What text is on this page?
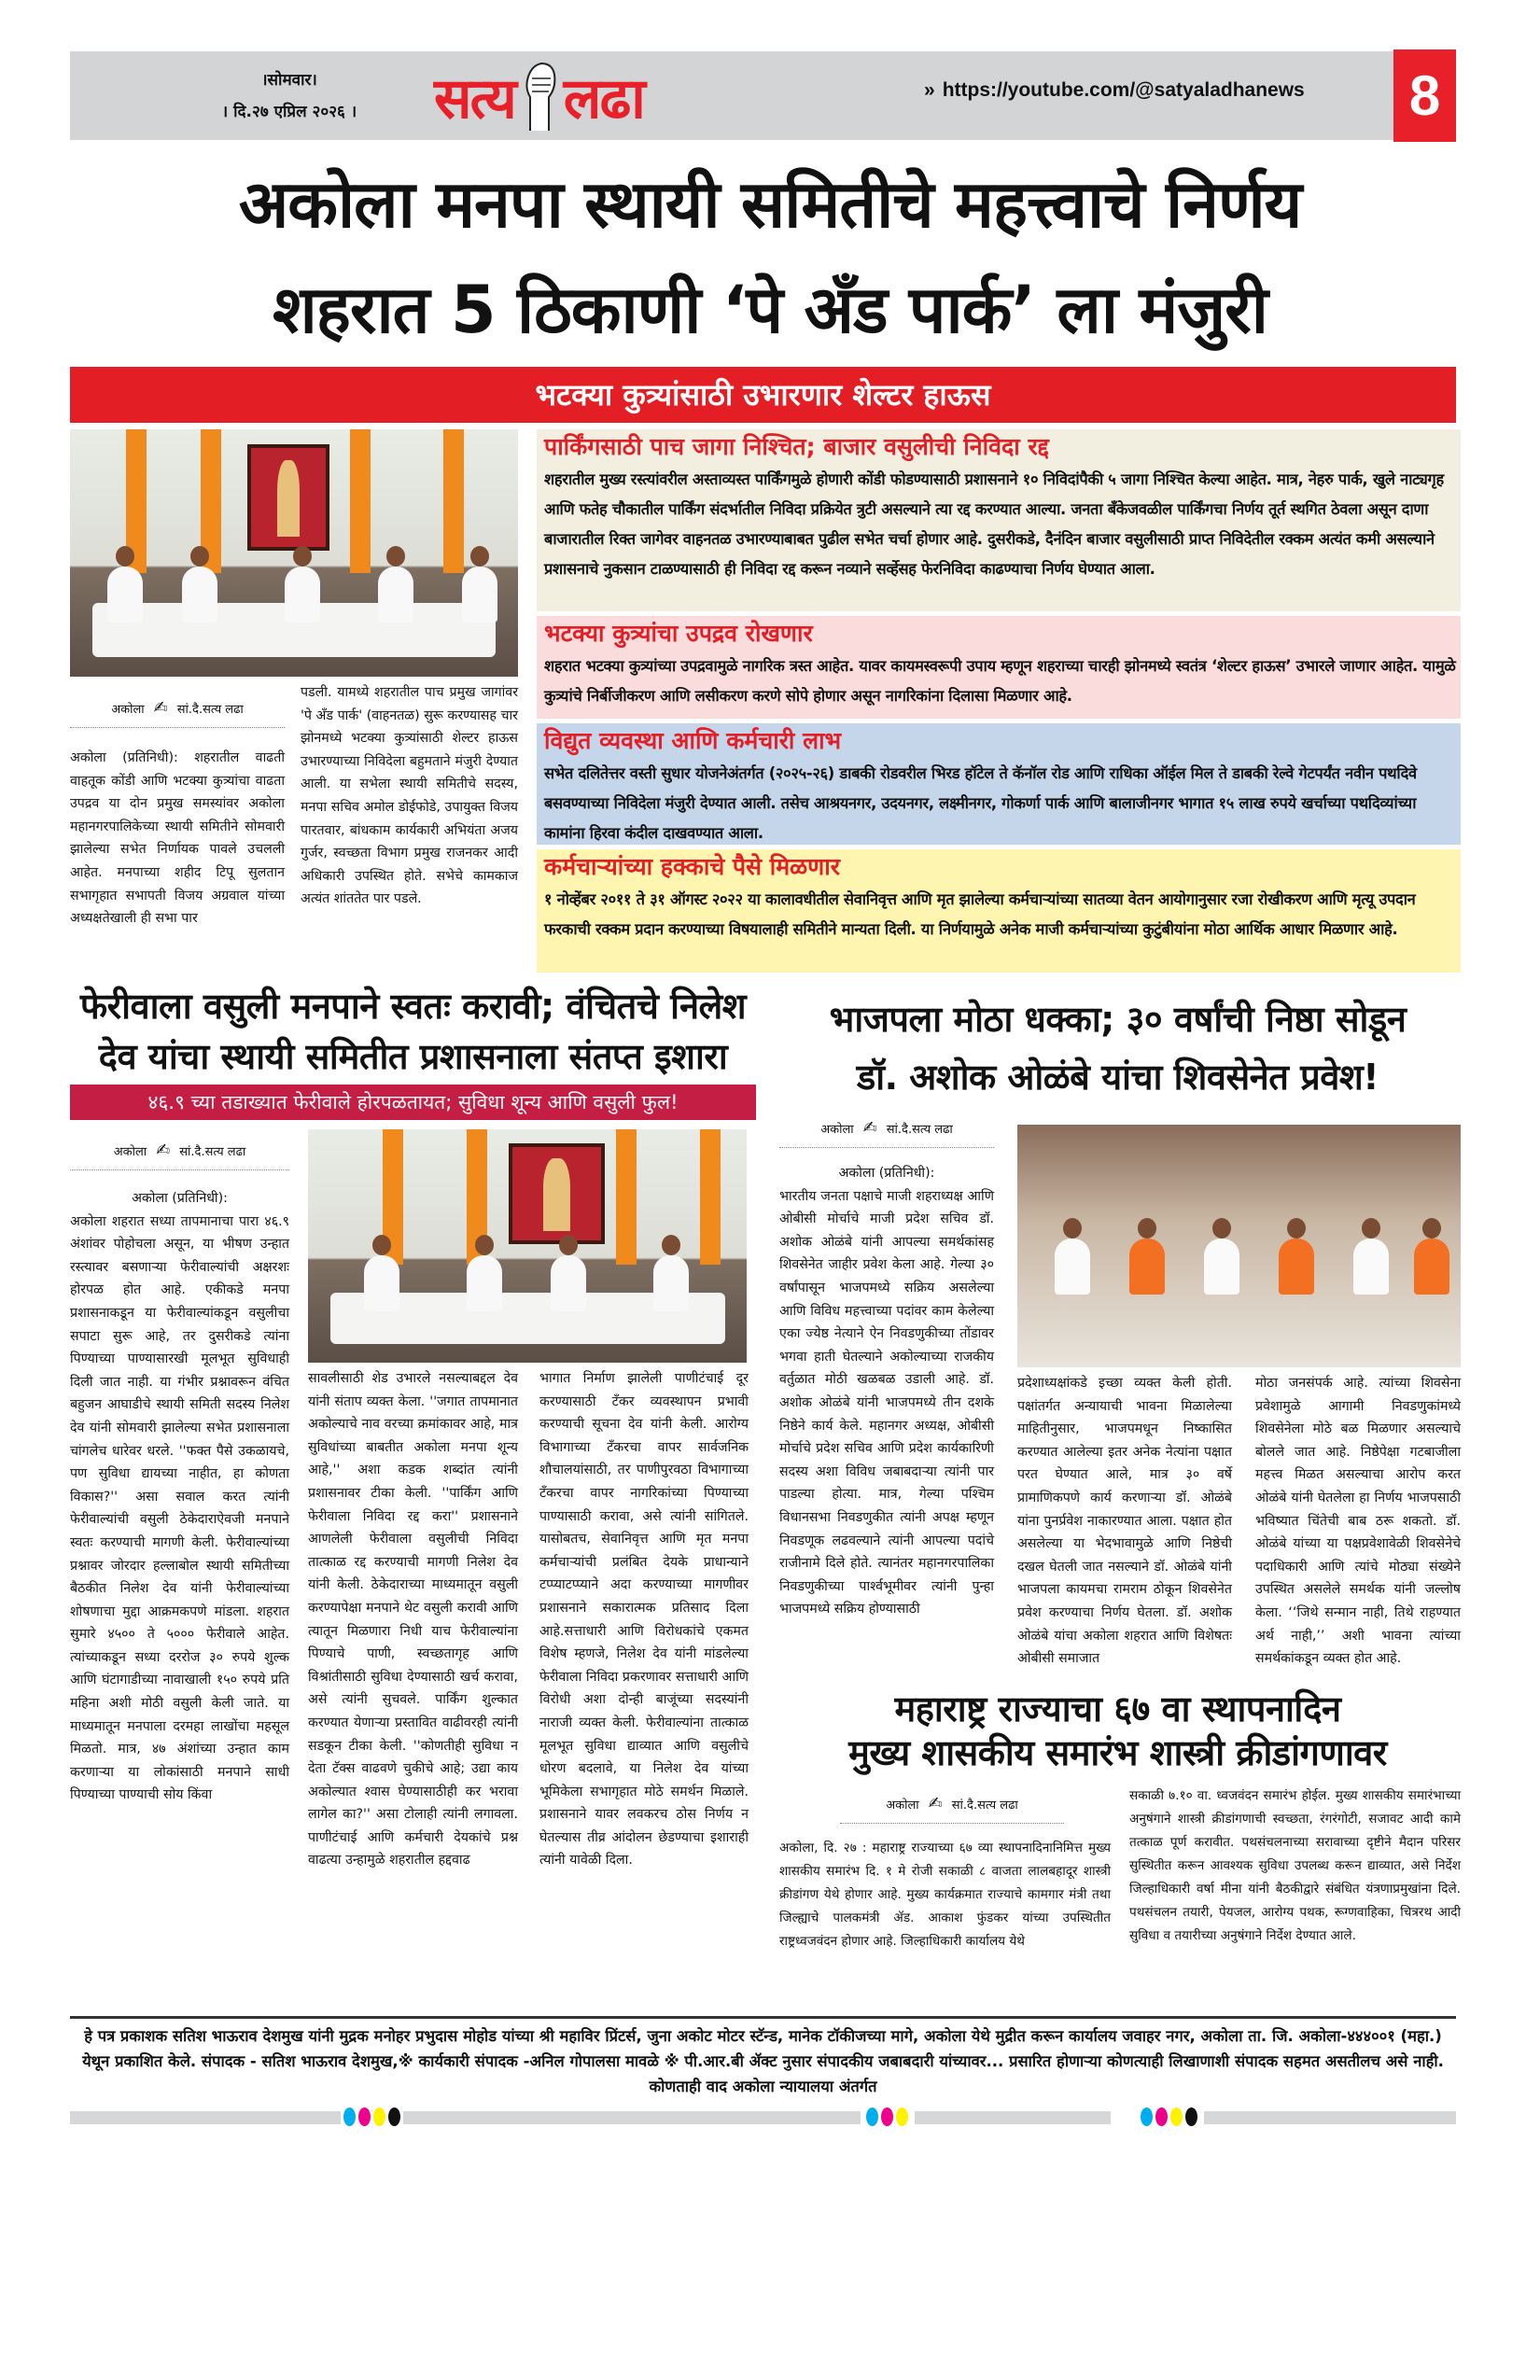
।सोमवार।
। दि.२७ एप्रिल २०२६ ।	सत्य लढा	» https://youtube.com/@satyaladhanews 8
अकोला मनपा स्थायी समितीचे महत्त्वाचे निर्णय
शहरात 5 ठिकाणी ‘पे अँड पार्क’ ला मंजुरी
भटक्या कुत्र्यांसाठी उभारणार शेल्टर हाऊस
अकोला ✍ सां.दै.सत्य लढा
अकोला (प्रतिनिधी): शहरातील वाढती वाहतूक कोंडी आणि भटक्या कुत्र्यांचा वाढता उपद्रव या दोन प्रमुख समस्यांवर अकोला महानगरपालिकेच्या स्थायी समितीने सोमवारी झालेल्या सभेत निर्णायक पावले उचलली आहेत. मनपाच्या शहीद टिपू सुलतान सभागृहात सभापती विजय अग्रवाल यांच्या अध्यक्षतेखाली ही सभा पार
पडली. यामध्ये शहरातील पाच प्रमुख जागांवर 'पे अँड पार्क' (वाहनतळ) सुरू करण्यासह चार झोनमध्ये भटक्या कुत्र्यांसाठी शेल्टर हाऊस उभारण्याच्या निविदेला बहुमताने मंजुरी देण्यात आली. या सभेला स्थायी समितीचे सदस्य, मनपा सचिव अमोल डोईफोडे, उपायुक्त विजय पारतवार, बांधकाम कार्यकारी अभियंता अजय गुर्जर, स्वच्छता विभाग प्रमुख राजनकर आदी अधिकारी उपस्थित होते. सभेचे कामकाज अत्यंत शांततेत पार पडले.
पार्किंगसाठी पाच जागा निश्चित; बाजार वसुलीची निविदा रद्द

शहरातील मुख्य रस्त्यांवरील अस्ताव्यस्त पार्किंगमुळे होणारी कोंडी फोडण्यासाठी प्रशासनाने १० निविदांपैकी ५ जागा निश्चित केल्या आहेत. मात्र, नेहरु पार्क, खुले नाट्यगृह आणि फतेह चौकातील पार्किंग संदर्भातील निविदा प्रक्रियेत त्रुटी असल्याने त्या रद्द करण्यात आल्या. जनता बँकेजवळील पार्किंगचा निर्णय तूर्त स्थगित ठेवला असून दाणा बाजारातील रिक्त जागेवर वाहनतळ उभारण्याबाबत पुढील सभेत चर्चा होणार आहे. दुसरीकडे, दैनंदिन बाजार वसुलीसाठी प्राप्त निविदेतील रक्कम अत्यंत कमी असल्याने प्रशासनाचे नुकसान टाळण्यासाठी ही निविदा रद्द करून नव्याने सर्व्हेसह फेरनिविदा काढण्याचा निर्णय घेण्यात आला.

भटक्या कुत्र्यांचा उपद्रव रोखणार

शहरात भटक्या कुत्र्यांच्या उपद्रवामुळे नागरिक त्रस्त आहेत. यावर कायमस्वरूपी उपाय म्हणून शहराच्या चारही झोनमध्ये स्वतंत्र ‘शेल्टर हाऊस’ उभारले जाणार आहेत. यामुळे कुत्र्यांचे निर्बीजीकरण आणि लसीकरण करणे सोपे होणार असून नागरिकांना दिलासा मिळणार आहे.

विद्युत व्यवस्था आणि कर्मचारी लाभ

सभेत दलितेत्तर वस्ती सुधार योजनेअंतर्गत (२०२५-२६) डाबकी रोडवरील भिरड हॉटेल ते कॅनॉल रोड आणि राधिका ऑईल मिल ते डाबकी रेल्वे गेटपर्यंत नवीन पथदिवे बसवण्याच्या निविदेला मंजुरी देण्यात आली. तसेच आश्रयनगर, उदयनगर, लक्ष्मीनगर, गोकर्णा पार्क आणि बालाजीनगर भागात १५ लाख रुपये खर्चाच्या पथदिव्यांच्या कामांना हिरवा कंदील दाखवण्यात आला.

कर्मचाऱ्यांच्या हक्काचे पैसे मिळणार

१ नोव्हेंबर २०११ ते ३१ ऑगस्ट २०२२ या कालावधीतील सेवानिवृत्त आणि मृत झालेल्या कर्मचाऱ्यांच्या सातव्या वेतन आयोगानुसार रजा रोखीकरण आणि मृत्यू उपदान फरकाची रक्कम प्रदान करण्याच्या विषयालाही समितीने मान्यता दिली. या निर्णयामुळे अनेक माजी कर्मचाऱ्यांच्या कुटुंबीयांना मोठा आर्थिक आधार मिळणार आहे.

फेरीवाला वसुली मनपाने स्वतः करावी; वंचितचे निलेश
देव यांचा स्थायी समितीत प्रशासनाला संतप्त इशारा
४६.९ च्या तडाख्यात फेरीवाले होरपळतायत; सुविधा शून्य आणि वसुली फुल!
अकोला ✍ सां.दै.सत्य लढा
अकोला (प्रतिनिधी):
अकोला शहरात सध्या तापमानाचा पारा ४६.९ अंशांवर पोहोचला असून, या भीषण उन्हात रस्त्यावर बसणाऱ्या फेरीवाल्यांची अक्षरशः होरपळ होत आहे. एकीकडे मनपा प्रशासनाकडून या फेरीवाल्यांकडून वसुलीचा सपाटा सुरू आहे, तर दुसरीकडे त्यांना पिण्याच्या पाण्यासारखी मूलभूत सुविधाही दिली जात नाही. या गंभीर प्रश्नावरून वंचित बहुजन आघाडीचे स्थायी समिती सदस्य निलेश देव यांनी सोमवारी झालेल्या सभेत प्रशासनाला चांगलेच धारेवर धरले. ''फक्त पैसे उकळायचे, पण सुविधा द्यायच्या नाहीत, हा कोणता विकास?'' असा सवाल करत त्यांनी फेरीवाल्यांची वसुली ठेकेदाराऐवजी मनपाने स्वतः करण्याची मागणी केली. फेरीवाल्यांच्या प्रश्नावर जोरदार हल्लाबोल स्थायी समितीच्या बैठकीत निलेश देव यांनी फेरीवाल्यांच्या शोषणाचा मुद्दा आक्रमकपणे मांडला. शहरात सुमारे ४५०० ते ५००० फेरीवाले आहेत. त्यांच्याकडून सध्या दररोज ३० रुपये शुल्क आणि घंटागाडीच्या नावाखाली १५० रुपये प्रति महिना अशी मोठी वसुली केली जाते. या माध्यमातून मनपाला दरमहा लाखोंचा महसूल मिळतो. मात्र, ४७ अंशांच्या उन्हात काम करणाऱ्या या लोकांसाठी मनपाने साधी पिण्याच्या पाण्याची सोय किंवा
सावलीसाठी शेड उभारले नसल्याबद्दल देव यांनी संताप व्यक्त केला. ''जगात तापमानात अकोल्याचे नाव वरच्या क्रमांकावर आहे, मात्र सुविधांच्या बाबतीत अकोला मनपा शून्य आहे,'' अशा कडक शब्दांत त्यांनी प्रशासनावर टीका केली. ''पार्किंग आणि फेरीवाला निविदा रद्द करा'' प्रशासनाने आणलेली फेरीवाला वसुलीची निविदा तात्काळ रद्द करण्याची मागणी निलेश देव यांनी केली. ठेकेदाराच्या माध्यमातून वसुली करण्यापेक्षा मनपाने थेट वसुली करावी आणि त्यातून मिळणारा निधी याच फेरीवाल्यांना पिण्याचे पाणी, स्वच्छतागृह आणि विश्रांतीसाठी सुविधा देण्यासाठी खर्च करावा, असे त्यांनी सुचवले. पार्किंग शुल्कात करण्यात येणाऱ्या प्रस्तावित वाढीवरही त्यांनी सडकून टीका केली. ''कोणतीही सुविधा न देता टॅक्स वाढवणे चुकीचे आहे; उद्या काय अकोल्यात श्वास घेण्यासाठीही कर भरावा लागेल का?'' असा टोलाही त्यांनी लगावला. पाणीटंचाई आणि कर्मचारी देयकांचे प्रश्न वाढत्या उन्हामुळे शहरातील हद्दवाढ
भागात निर्माण झालेली पाणीटंचाई दूर करण्यासाठी टँकर व्यवस्थापन प्रभावी करण्याची सूचना देव यांनी केली. आरोग्य विभागाच्या टँकरचा वापर सार्वजनिक शौचालयांसाठी, तर पाणीपुरवठा विभागाच्या टँकरचा वापर नागरिकांच्या पिण्याच्या पाण्यासाठी करावा, असे त्यांनी सांगितले. यासोबतच, सेवानिवृत्त आणि मृत मनपा कर्मचाऱ्यांची प्रलंबित देयके प्राधान्याने टप्प्याटप्प्याने अदा करण्याच्या मागणीवर प्रशासनाने सकारात्मक प्रतिसाद दिला आहे.सत्ताधारी आणि विरोधकांचे एकमत विशेष म्हणजे, निलेश देव यांनी मांडलेल्या फेरीवाला निविदा प्रकरणावर सत्ताधारी आणि विरोधी अशा दोन्ही बाजूंच्या सदस्यांनी नाराजी व्यक्त केली. फेरीवाल्यांना तात्काळ मूलभूत सुविधा द्याव्यात आणि वसुलीचे धोरण बदलावे, या निलेश देव यांच्या भूमिकेला सभागृहात मोठे समर्थन मिळाले. प्रशासनाने यावर लवकरच ठोस निर्णय न घेतल्यास तीव्र आंदोलन छेडण्याचा इशाराही त्यांनी यावेळी दिला.
भाजपला मोठा धक्का; ३० वर्षांची निष्ठा सोडून
डॉ. अशोक ओळंबे यांचा शिवसेनेत प्रवेश!
अकोला ✍ सां.दै.सत्य लढा
अकोला (प्रतिनिधी):
भारतीय जनता पक्षाचे माजी शहराध्यक्ष आणि ओबीसी मोर्चाचे माजी प्रदेश सचिव डॉ. अशोक ओळंबे यांनी आपल्या समर्थकांसह शिवसेनेत जाहीर प्रवेश केला आहे. गेल्या ३० वर्षांपासून भाजपमध्ये सक्रिय असलेल्या आणि विविध महत्त्वाच्या पदांवर काम केलेल्या एका ज्येष्ठ नेत्याने ऐन निवडणुकीच्या तोंडावर भगवा हाती घेतल्याने अकोल्याच्या राजकीय वर्तुळात मोठी खळबळ उडाली आहे. डॉ. अशोक ओळंबे यांनी भाजपमध्ये तीन दशके निष्ठेने कार्य केले. महानगर अध्यक्ष, ओबीसी मोर्चाचे प्रदेश सचिव आणि प्रदेश कार्यकारिणी सदस्य अशा विविध जबाबदाऱ्या त्यांनी पार पाडल्या होत्या. मात्र, गेल्या पश्चिम विधानसभा निवडणुकीत त्यांनी अपक्ष म्हणून निवडणूक लढवल्याने त्यांनी आपल्या पदांचे राजीनामे दिले होते. त्यानंतर महानगरपालिका निवडणुकीच्या पार्श्वभूमीवर त्यांनी पुन्हा भाजपमध्ये सक्रिय होण्यासाठी
प्रदेशाध्यक्षांकडे इच्छा व्यक्त केली होती. पक्षांतर्गत अन्यायाची भावना मिळालेल्या माहितीनुसार, भाजपमधून निष्कासित करण्यात आलेल्या इतर अनेक नेत्यांना पक्षात परत घेण्यात आले, मात्र ३० वर्षे प्रामाणिकपणे कार्य करणाऱ्या डॉ. ओळंबे यांना पुनर्प्रवेश नाकारण्यात आला. पक्षात होत असलेल्या या भेदभावामुळे आणि निष्ठेची दखल घेतली जात नसल्याने डॉ. ओळंबे यांनी भाजपला कायमचा रामराम ठोकून शिवसेनेत प्रवेश करण्याचा निर्णय घेतला. डॉ. अशोक ओळंबे यांचा अकोला शहरात आणि विशेषतः ओबीसी समाजात
मोठा जनसंपर्क आहे. त्यांच्या शिवसेना प्रवेशामुळे आगामी निवडणुकांमध्ये शिवसेनेला मोठे बळ मिळणार असल्याचे बोलले जात आहे. निष्ठेपेक्षा गटबाजीला महत्त्व मिळत असल्याचा आरोप करत ओळंबे यांनी घेतलेला हा निर्णय भाजपसाठी भविष्यात चिंतेची बाब ठरू शकतो. डॉ. ओळंबे यांच्या या पक्षप्रवेशावेळी शिवसेनेचे पदाधिकारी आणि त्यांचे मोठ्या संख्येने उपस्थित असलेले समर्थक यांनी जल्लोष केला. ‘‘जिथे सन्मान नाही, तिथे राहण्यात अर्थ नाही,’’ अशी भावना त्यांच्या समर्थकांकडून व्यक्त होत आहे.
महाराष्ट्र राज्याचा ६७ वा स्थापनादिन
मुख्य शासकीय समारंभ शास्त्री क्रीडांगणावर
अकोला ✍ सां.दै.सत्य लढा
अकोला, दि. २७ : महाराष्ट्र राज्याच्या ६७ व्या स्थापनादिनानिमित्त मुख्य शासकीय समारंभ दि. १ मे रोजी सकाळी ८ वाजता लालबहादूर शास्त्री क्रीडांगण येथे होणार आहे. मुख्य कार्यक्रमात राज्याचे कामगार मंत्री तथा जिल्ह्याचे पालकमंत्री ॲड. आकाश फुंडकर यांच्या उपस्थितीत राष्ट्रध्वजवंदन होणार आहे. जिल्हाधिकारी कार्यालय येथे
सकाळी ७.१० वा. ध्वजवंदन समारंभ होईल. मुख्य शासकीय समारंभाच्या अनुषंगाने शास्त्री क्रीडांगणाची स्वच्छता, रंगरंगोटी, सजावट आदी कामे तत्काळ पूर्ण करावीत. पथसंचलनाच्या सरावाच्या दृष्टीने मैदान परिसर सुस्थितीत करून आवश्यक सुविधा उपलब्ध करून द्याव्यात, असे निर्देश जिल्हाधिकारी वर्षा मीना यांनी बैठकीद्वारे संबंधित यंत्रणाप्रमुखांना दिले. पथसंचलन तयारी, पेयजल, आरोग्य पथक, रूग्णवाहिका, चित्ररथ आदी सुविधा व तयारीच्या अनुषंगाने निर्देश देण्यात आले.
हे पत्र प्रकाशक सतिश भाऊराव देशमुख यांनी मुद्रक मनोहर प्रभुदास मोहोड यांच्या श्री महाविर प्रिंटर्स, जुना अकोट मोटर स्टॅन्ड, मानेक टॉकीजच्या मागे, अकोला येथे मुद्रीत करून कार्यालय जवाहर नगर, अकोला ता. जि. अकोला-४४४००१ (महा.) येथून प्रकाशित केले. संपादक - सतिश भाऊराव देशमुख,※ कार्यकारी संपादक -अनिल गोपालसा मावळे ※ पी.आर.बी ॲक्ट नुसार संपादकीय जबाबदारी यांच्यावर... प्रसारित होणाऱ्या कोणत्याही लिखाणाशी संपादक सहमत असतीलच असे नाही. कोणताही वाद अकोला न्यायालया अंतर्गत
